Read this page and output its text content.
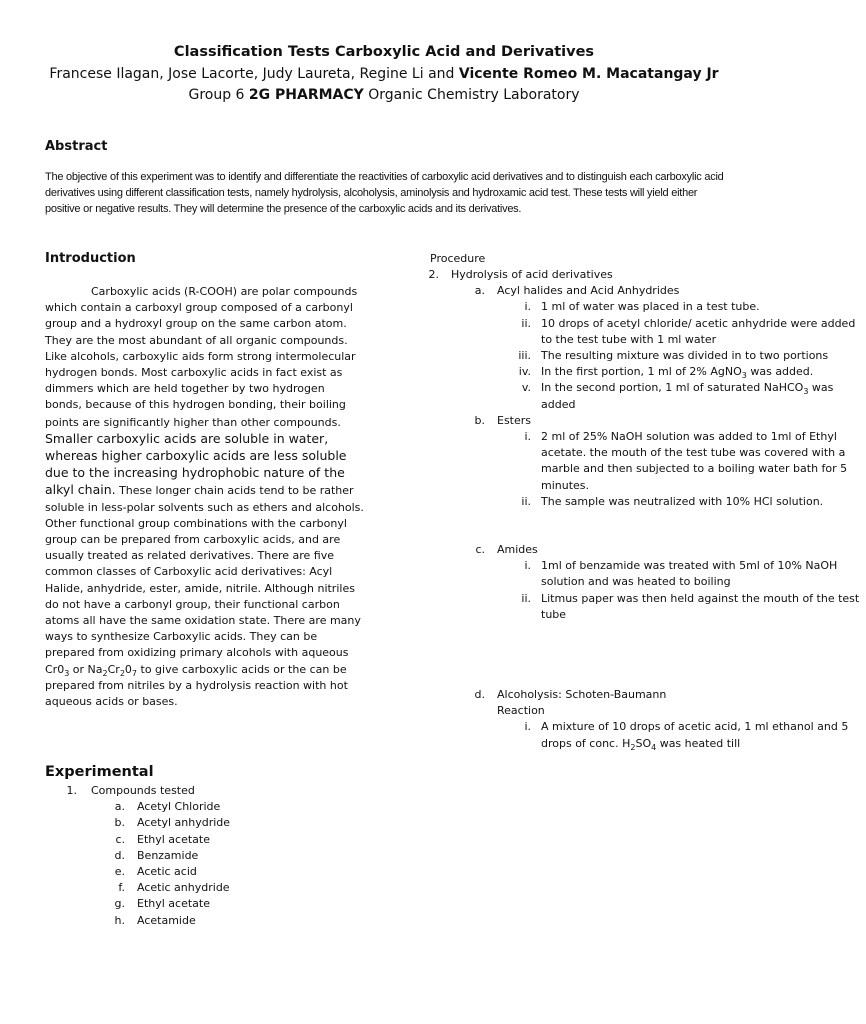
Classification Tests Carboxylic Acid and Derivatives
Francese Ilagan, Jose Lacorte, Judy Laureta, Regine Li and Vicente Romeo M. Macatangay Jr
Group 6 2G PHARMACY Organic Chemistry Laboratory
Abstract
The objective of this experiment was to identify and differentiate the reactivities of carboxylic acid derivatives and to distinguish each carboxylic acid derivatives using different classification tests, namely hydrolysis, alcoholysis, aminolysis and hydroxamic acid test. These tests will yield either positive or negative results. They will determine the presence of the carboxylic acids and its derivatives.
Introduction
Carboxylic acids (R-COOH) are polar compounds which contain a carboxyl group composed of a carbonyl group and a hydroxyl group on the same carbon atom. They are the most abundant of all organic compounds. Like alcohols, carboxylic aids form strong intermolecular hydrogen bonds. Most carboxylic acids in fact exist as dimmers which are held together by two hydrogen bonds, because of this hydrogen bonding, their boiling points are significantly higher than other compounds. Smaller carboxylic acids are soluble in water, whereas higher carboxylic acids are less soluble due to the increasing hydrophobic nature of the alkyl chain. These longer chain acids tend to be rather soluble in less-polar solvents such as ethers and alcohols. Other functional group combinations with the carbonyl group can be prepared from carboxylic acids, and are usually treated as related derivatives. There are five common classes of Carboxylic acid derivatives: Acyl Halide, anhydride, ester, amide, nitrile. Although nitriles do not have a carbonyl group, their functional carbon atoms all have the same oxidation state. There are many ways to synthesize Carboxylic acids. They can be prepared from oxidizing primary alcohols with aqueous $Cr0_3$ or $Na_2Cr_20_7$ to give carboxylic acids or the can be prepared from nitriles by a hydrolysis reaction with hot aqueous acids or bases.
Experimental
1. Compounds tested
a. Acetyl Chloride
b. Acetyl anhydride
c. Ethyl acetate
d. Benzamide
e. Acetic acid
f. Acetic anhydride
g. Ethyl acetate
h. Acetamide
Procedure
2. Hydrolysis of acid derivatives
a. Acyl halides and Acid Anhydrides
i. 1 ml of water was placed in a test tube.
ii. 10 drops of acetyl chloride/ acetic anhydride were added to the test tube with 1 ml water
iii. The resulting mixture was divided in to two portions
iv. In the first portion, 1 ml of 2% AgNO$_3$ was added.
v. In the second portion, 1 ml of saturated NaHCO$_3$ was added
b. Esters
i. 2 ml of 25% NaOH solution was added to 1ml of Ethyl acetate. the mouth of the test tube was covered with a marble and then subjected to a boiling water bath for 5 minutes.
ii. The sample was neutralized with 10% HCl solution.
c. Amides
i. 1ml of benzamide was treated with 5ml of 10% NaOH solution and was heated to boiling
ii. Litmus paper was then held against the mouth of the test tube
d. Alcoholysis: Schoten-Baumann Reaction
i. A mixture of 10 drops of acetic acid, 1 ml ethanol and 5 drops of conc. $H_2SO_4$ was heated till
